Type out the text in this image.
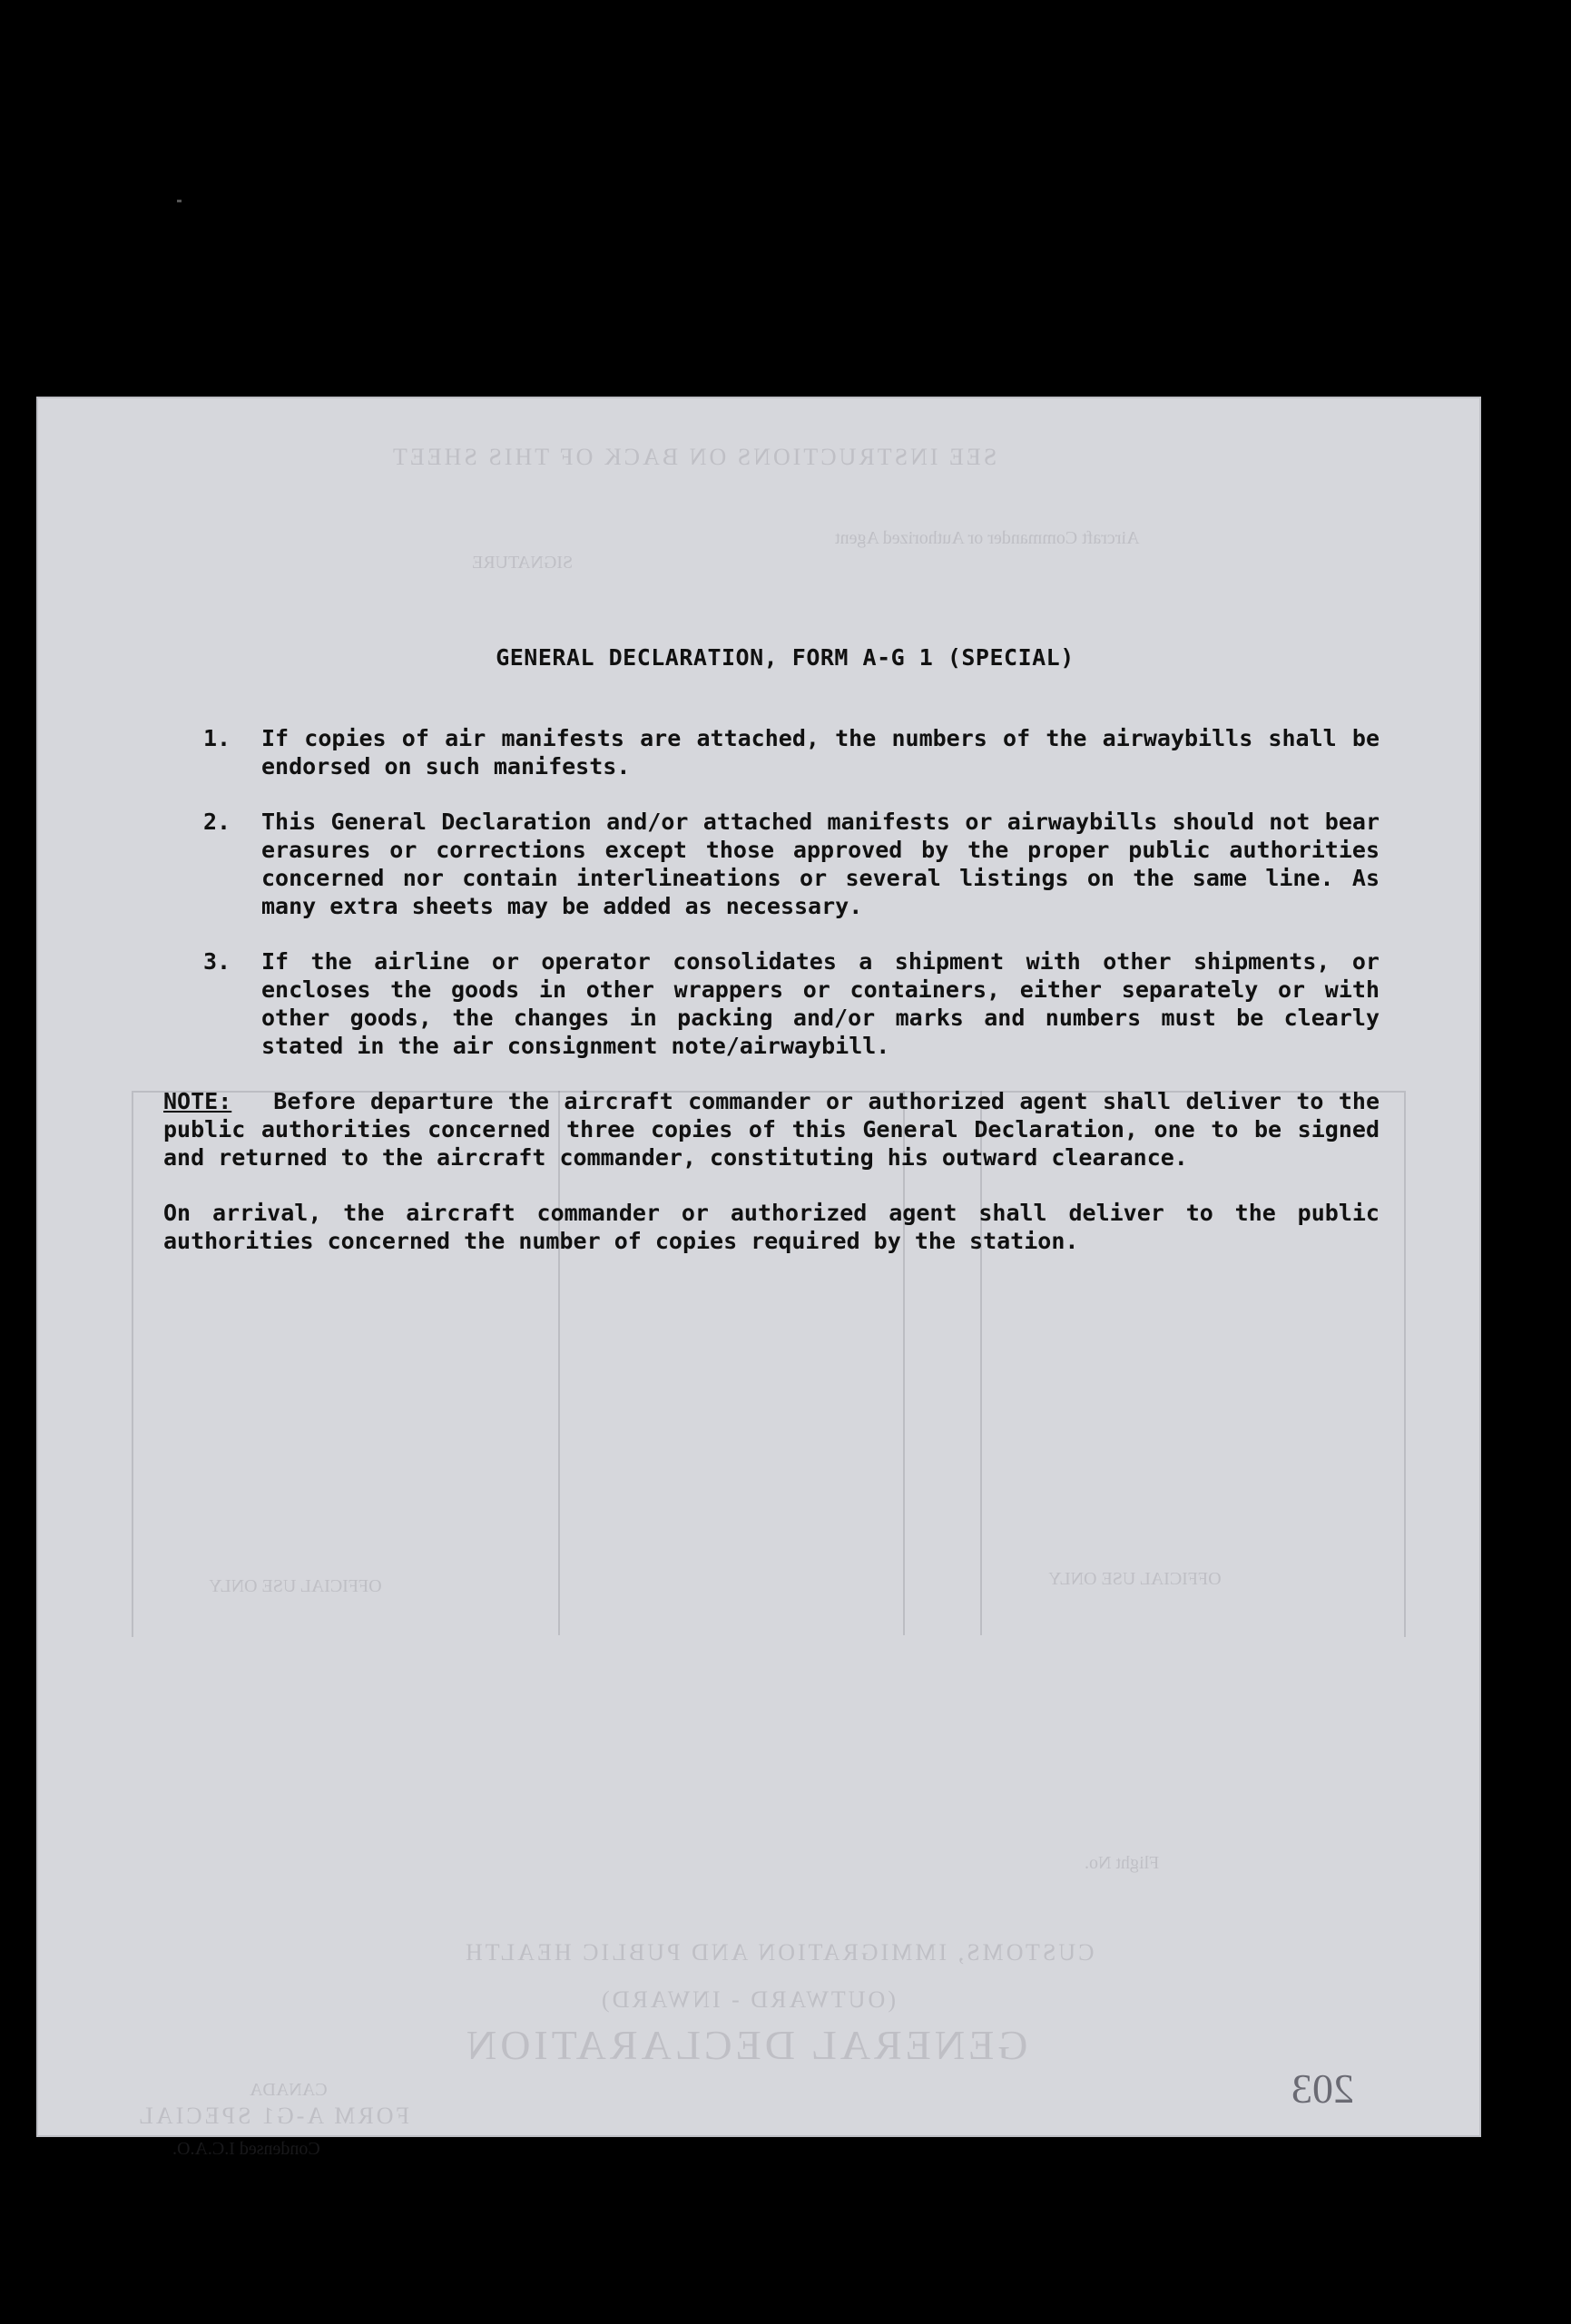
SEE INSTRUCTIONS ON BACK OF THIS SHEET
Aircraft Commander or Authorized Agent
SIGNATURE
OFFICIAL USE ONLY	OFFICIAL USE ONLY
Flight No.
CUSTOMS, IMMIGRATION AND PUBLIC HEALTH
(OUTWARD - INWARD)
GENERAL DECLARATION
CANADA
FORM A-G1 SPECIAL
Condensed I.C.A.O.
GENERAL DECLARATION, FORM A-G 1 (SPECIAL)
1.	If copies of air manifests are attached, the numbers of the airwaybills shall be endorsed on such manifests.
2.	This General Declaration and/or attached manifests or airwaybills should not bear erasures or corrections except those approved by the proper public authorities concerned nor contain interlineations or several listings on the same line. As many extra sheets may be added as necessary.
3.	If the airline or operator consolidates a shipment with other shipments, or encloses the goods in other wrappers or containers, either separately or with other goods, the changes in packing and/or marks and numbers must be clearly stated in the air consignment note/airwaybill.
NOTE: Before departure the aircraft commander or authorized agent shall deliver to the public authorities concerned three copies of this General Declaration, one to be signed and returned to the aircraft commander, constituting his outward clearance.
On arrival, the aircraft commander or authorized agent shall deliver to the public authorities concerned the number of copies required by the station.
203
